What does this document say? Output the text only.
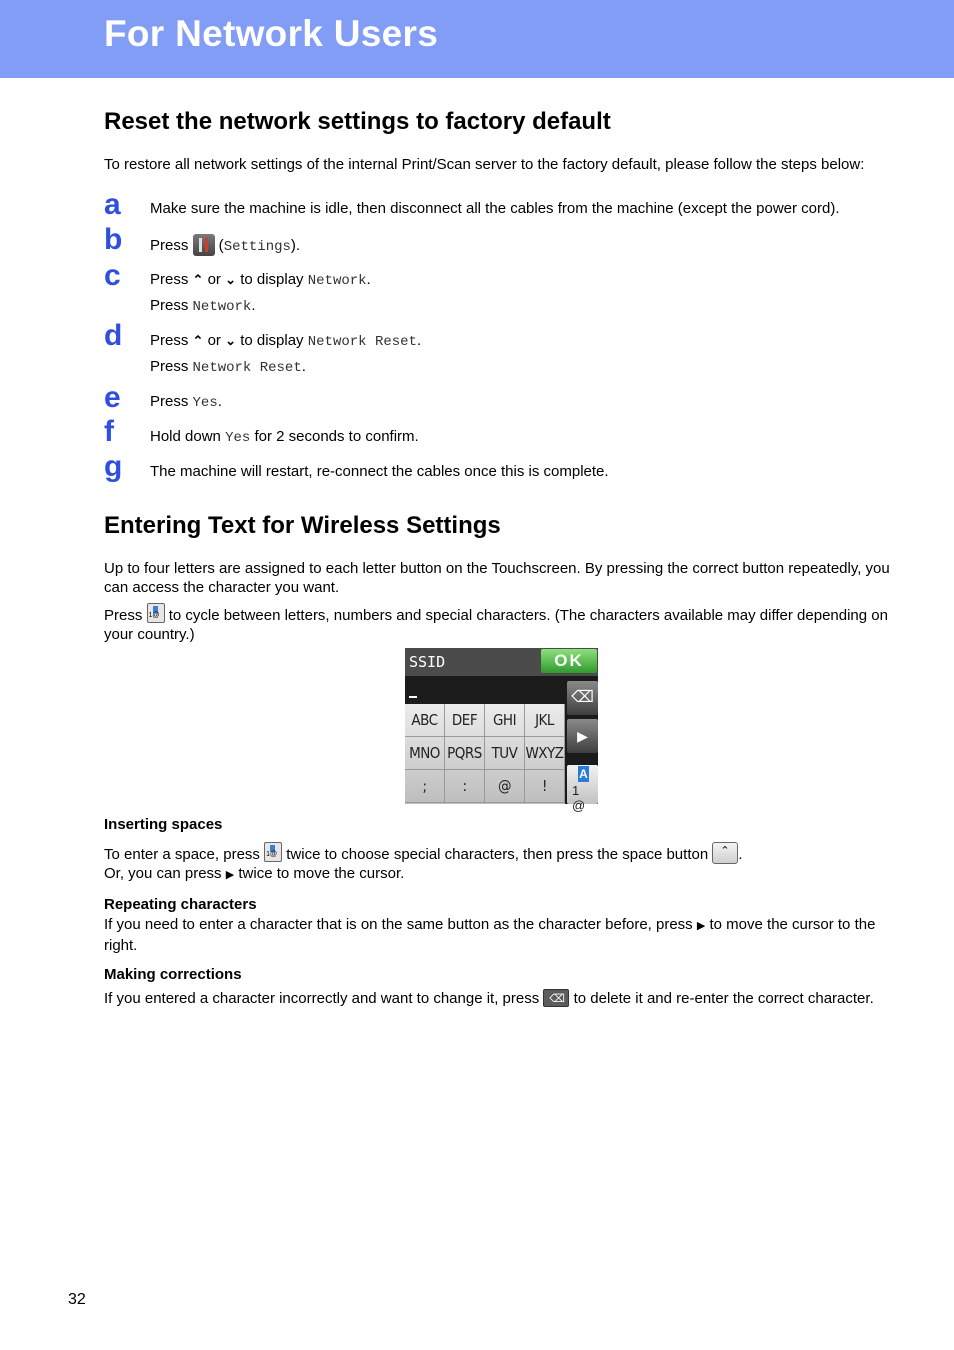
For Network Users
Reset the network settings to factory default

To restore all network settings of the internal Print/Scan server to the factory default, please follow the steps below:

a Make sure the machine is idle, then disconnect all the cables from the machine (except the power cord).
b Press  (Settings).
c Press ⌃ or ⌄ to display Network.
Press Network.
d Press ⌃ or ⌄ to display Network Reset.
Press Network Reset.
e Press Yes.
f Hold down Yes for 2 seconds to confirm.
g The machine will restart, re-connect the cables once this is complete.
Entering Text for Wireless Settings

Up to four letters are assigned to each letter button on the Touchscreen. By pressing the correct button repeatedly, you can access the character you want.

Press 1@ to cycle between letters, numbers and special characters. (The characters available may differ depending on your country.)

SSID	OK
ABC DEF	GHI	JKL
MNO PQRS TUV WXYZ
;	:	@	!
⌫
▶
A
1 @
Inserting spaces

To enter a space, press 1@ twice to choose special characters, then press the space button ⌃ .

Or, you can press ▶ twice to move the cursor.

Repeating characters

If you need to enter a character that is on the same button as the character before, press ▶ to move the cursor to the right.

Making corrections

If you entered a character incorrectly and want to change it, press ⌫ to delete it and re-enter the correct character.

32
